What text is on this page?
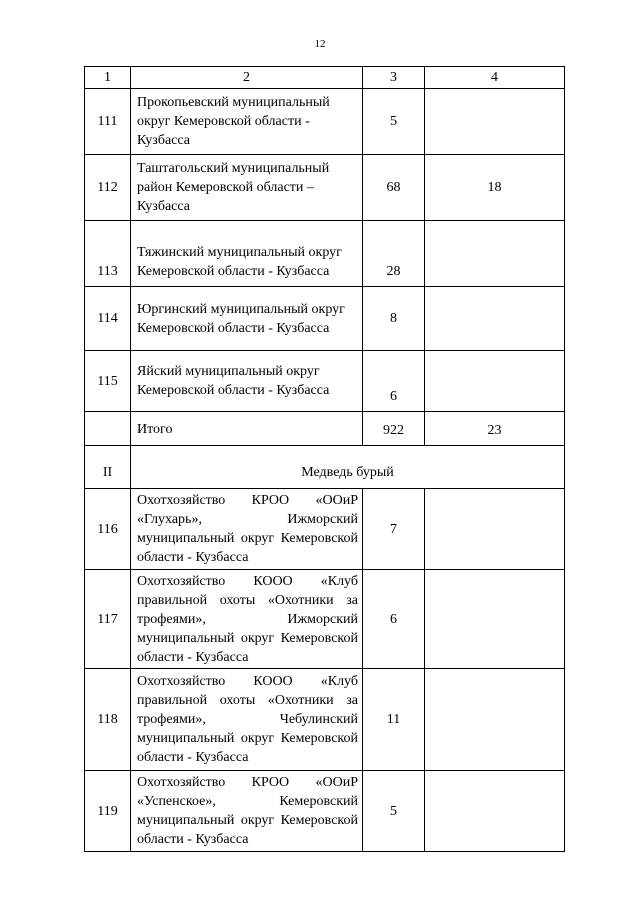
12
1	2	3	4
111	Прокопьевский муниципальный округ Кемеровской области - Кузбасса	5	
112	Таштагольский муниципальный район Кемеровской области – Кузбасса	68	18
113	Тяжинский муниципальный округ Кемеровской области - Кузбасса	28	
114	Юргинский муниципальный округ Кемеровской области - Кузбасса	8	
115	Яйский муниципальный округ Кемеровской области - Кузбасса	6	
	Итого	922	23
II	Медведь бурый		
116	Охотхозяйство КРОО «ООиР «Глухарь», Ижморский муниципальный округ Кемеровской области - Кузбасса	7	
117	Охотхозяйство КООО «Клуб правильной охоты «Охотники за трофеями», Ижморский муниципальный округ Кемеровской области - Кузбасса	6	
118	Охотхозяйство КООО «Клуб правильной охоты «Охотники за трофеями», Чебулинский муниципальный округ Кемеровской области - Кузбасса	11	
119	Охотхозяйство КРОО «ООиР «Успенское», Кемеровский муниципальный округ Кемеровской области - Кузбасса	5	
